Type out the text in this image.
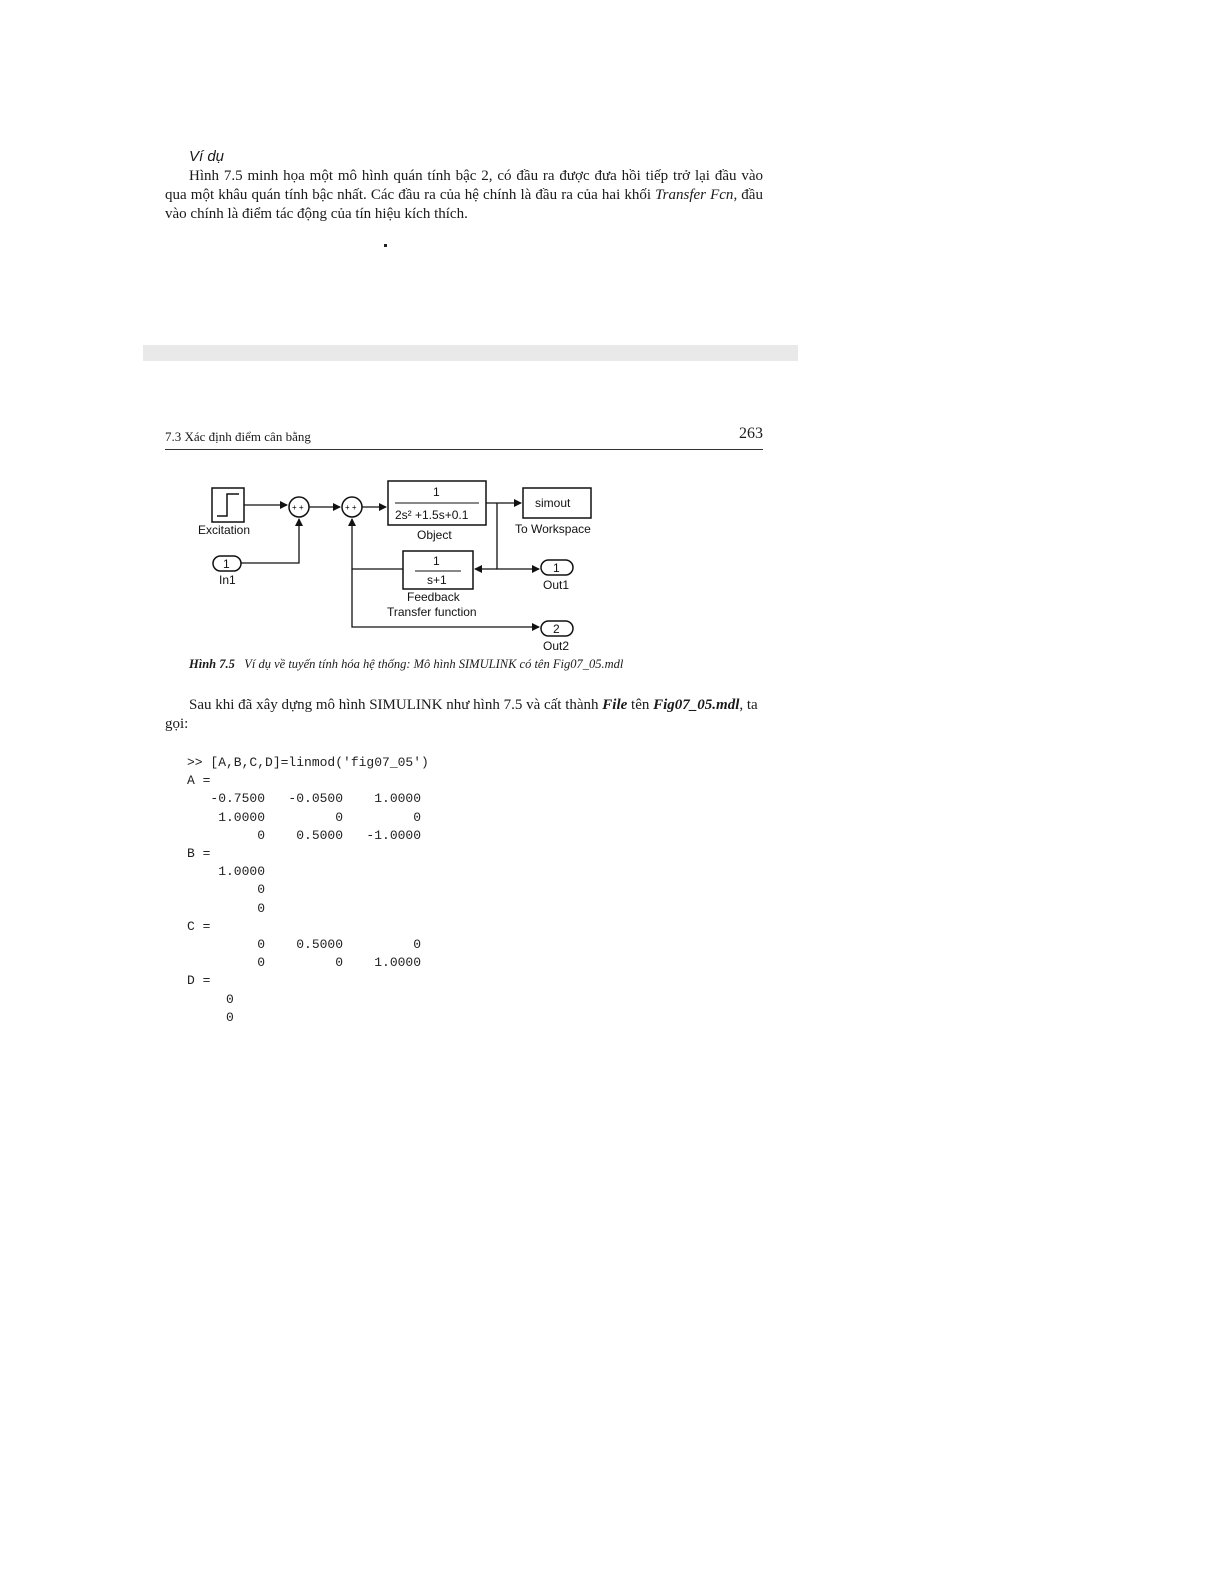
Ví dụ

Hình 7.5 minh họa một mô hình quán tính bậc 2, có đầu ra được đưa hồi tiếp trở lại đầu vào qua một khâu quán tính bậc nhất. Các đầu ra của hệ chính là đầu ra của hai khối Transfer Fcn, đầu vào chính là điểm tác động của tín hiệu kích thích.

7.3 Xác định điểm cân bằng	263
Excitation
1
In1
+ +	+ +
1
2s² +1.5s+0.1
Object
simout
To Workspace
1
s+1
Feedback
Transfer function
1
Out1
2
Out2
Hình 7.5 Ví dụ về tuyến tính hóa hệ thống: Mô hình SIMULINK có tên Fig07_05.mdl

Sau khi đã xây dựng mô hình SIMULINK như hình 7.5 và cất thành File tên Fig07_05.mdl, ta gọi:

>> [A,B,C,D]=linmod('fig07_05')
A =
-0.7500   -0.0500    1.0000
1.0000         0         0
0    0.5000   -1.0000
B =
1.0000
0
0
C =
0    0.5000         0
0         0    1.0000
D =
0
0
